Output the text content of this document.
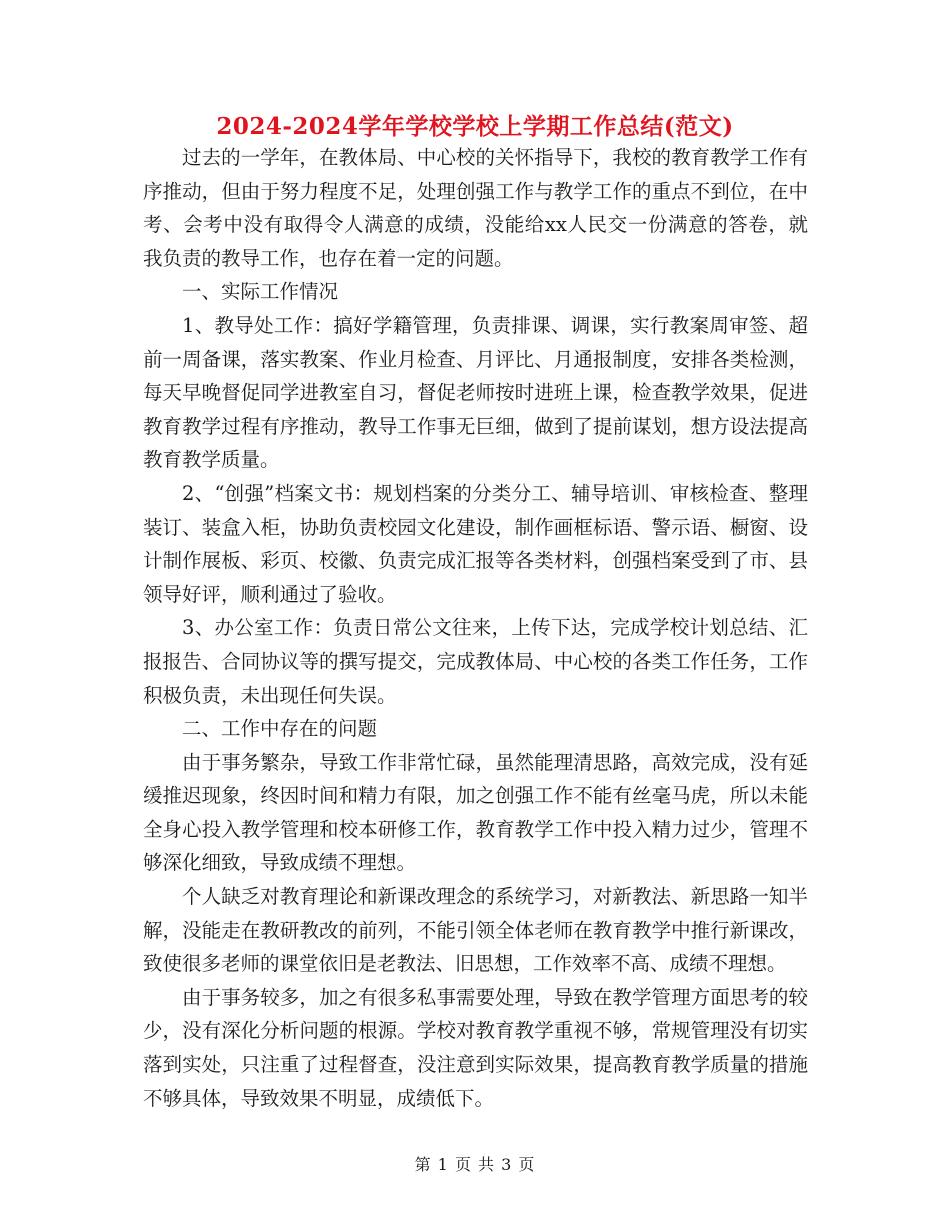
2024-2024学年学校学校上学期工作总结(范文)

过去的一学年，在教体局、中心校的关怀指导下，我校的教育教学工作有序推动，但由于努力程度不足，处理创强工作与教学工作的重点不到位，在中考、会考中没有取得令人满意的成绩，没能给xx人民交一份满意的答卷，就我负责的教导工作，也存在着一定的问题。

一、实际工作情况

1、教导处工作：搞好学籍管理，负责排课、调课，实行教案周审签、超前一周备课，落实教案、作业月检查、月评比、月通报制度，安排各类检测，每天早晚督促同学进教室自习，督促老师按时进班上课，检查教学效果，促进教育教学过程有序推动，教导工作事无巨细，做到了提前谋划，想方设法提高教育教学质量。

2、“创强”档案文书：规划档案的分类分工、辅导培训、审核检查、整理装订、装盒入柜，协助负责校园文化建设，制作画框标语、警示语、橱窗、设计制作展板、彩页、校徽、负责完成汇报等各类材料，创强档案受到了市、县领导好评，顺利通过了验收。

3、办公室工作：负责日常公文往来，上传下达，完成学校计划总结、汇报报告、合同协议等的撰写提交，完成教体局、中心校的各类工作任务，工作积极负责，未出现任何失误。

二、工作中存在的问题

由于事务繁杂，导致工作非常忙碌，虽然能理清思路，高效完成，没有延缓推迟现象，终因时间和精力有限，加之创强工作不能有丝毫马虎，所以未能全身心投入教学管理和校本研修工作，教育教学工作中投入精力过少，管理不够深化细致，导致成绩不理想。

个人缺乏对教育理论和新课改理念的系统学习，对新教法、新思路一知半解，没能走在教研教改的前列，不能引领全体老师在教育教学中推行新课改，致使很多老师的课堂依旧是老教法、旧思想，工作效率不高、成绩不理想。

由于事务较多，加之有很多私事需要处理，导致在教学管理方面思考的较少，没有深化分析问题的根源。学校对教育教学重视不够，常规管理没有切实落到实处，只注重了过程督查，没注意到实际效果，提高教育教学质量的措施不够具体，导致效果不明显，成绩低下。

第 1 页 共 3 页
